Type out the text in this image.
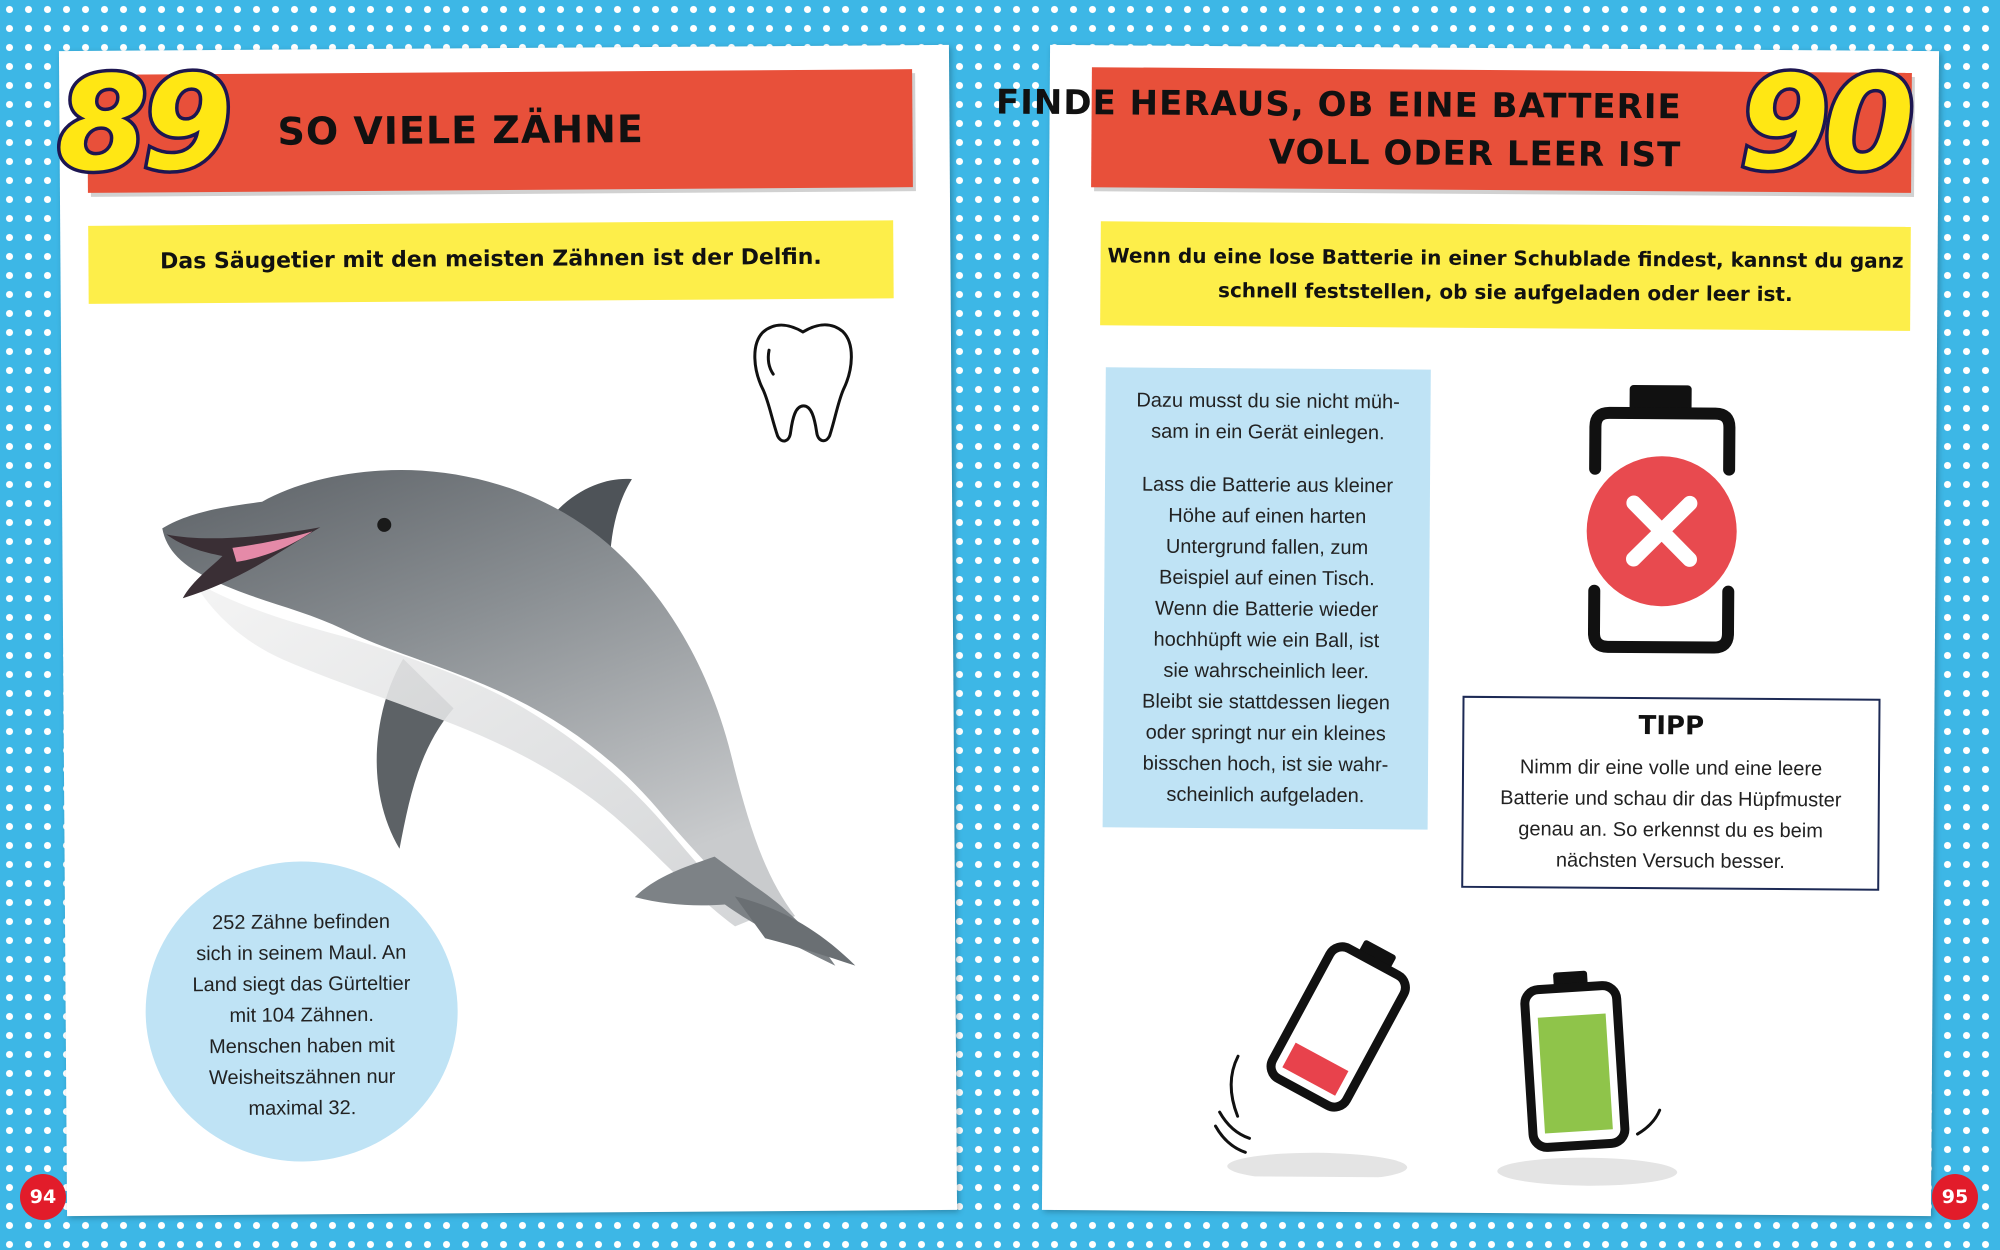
SO VIELE ZÄHNE
89
Das Säugetier mit den meisten Zähnen ist der Delfin.
252 Zähne befinden
sich in seinem Maul. An
Land siegt das Gürteltier
mit 104 Zähnen.
Menschen haben mit
Weisheitszähnen nur
maximal 32.
FINDE HERAUS, OB EINE BATTERIE
VOLL ODER LEER IST 90
Wenn du eine lose Batterie in einer Schublade findest, kannst du ganz
schnell feststellen, ob sie aufgeladen oder leer ist.
Dazu musst du sie nicht müh-
sam in ein Gerät einlegen.
Lass die Batterie aus kleiner
Höhe auf einen harten
Untergrund fallen, zum
Beispiel auf einen Tisch.
Wenn die Batterie wieder
hochhüpft wie ein Ball, ist
sie wahrscheinlich leer.
Bleibt sie stattdessen liegen
oder springt nur ein kleines
bisschen hoch, ist sie wahr-
scheinlich aufgeladen.
TIPP
Nimm dir eine volle und eine leere
Batterie und schau dir das Hüpfmuster
genau an. So erkennst du es beim
nächsten Versuch besser.
94	95
